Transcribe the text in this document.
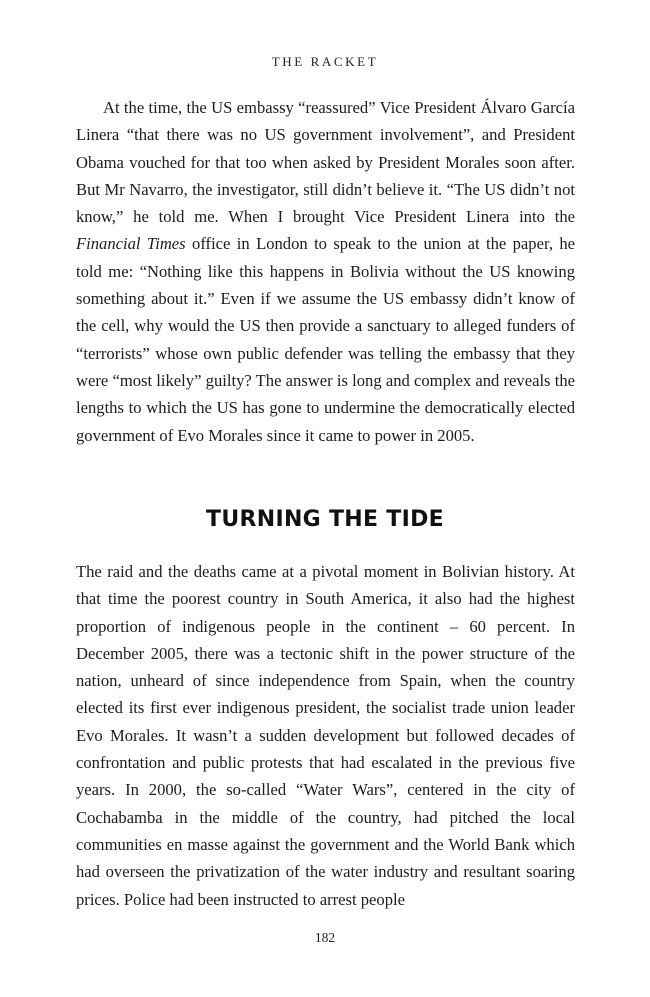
THE RACKET

At the time, the US embassy “reassured” Vice President Álvaro García Linera “that there was no US government involvement”, and President Obama vouched for that too when asked by President Morales soon after. But Mr Navarro, the investigator, still didn’t believe it. “The US didn’t not know,” he told me. When I brought Vice President Linera into the Financial Times office in London to speak to the union at the paper, he told me: “Nothing like this happens in Bolivia without the US knowing something about it.” Even if we assume the US embassy didn’t know of the cell, why would the US then provide a sanctuary to alleged funders of “terrorists” whose own public defender was telling the embassy that they were “most likely” guilty? The answer is long and complex and reveals the lengths to which the US has gone to undermine the democratically elected government of Evo Morales since it came to power in 2005.

TURNING THE TIDE

The raid and the deaths came at a pivotal moment in Bolivian history. At that time the poorest country in South America, it also had the highest proportion of indigenous people in the continent – 60 percent. In December 2005, there was a tectonic shift in the power structure of the nation, unheard of since independence from Spain, when the country elected its first ever indigenous president, the socialist trade union leader Evo Morales. It wasn’t a sudden development but followed decades of confrontation and public protests that had escalated in the previous five years. In 2000, the so-called “Water Wars”, centered in the city of Cochabamba in the middle of the country, had pitched the local communities en masse against the government and the World Bank which had overseen the privatization of the water industry and resultant soaring prices. Police had been instructed to arrest people

182
